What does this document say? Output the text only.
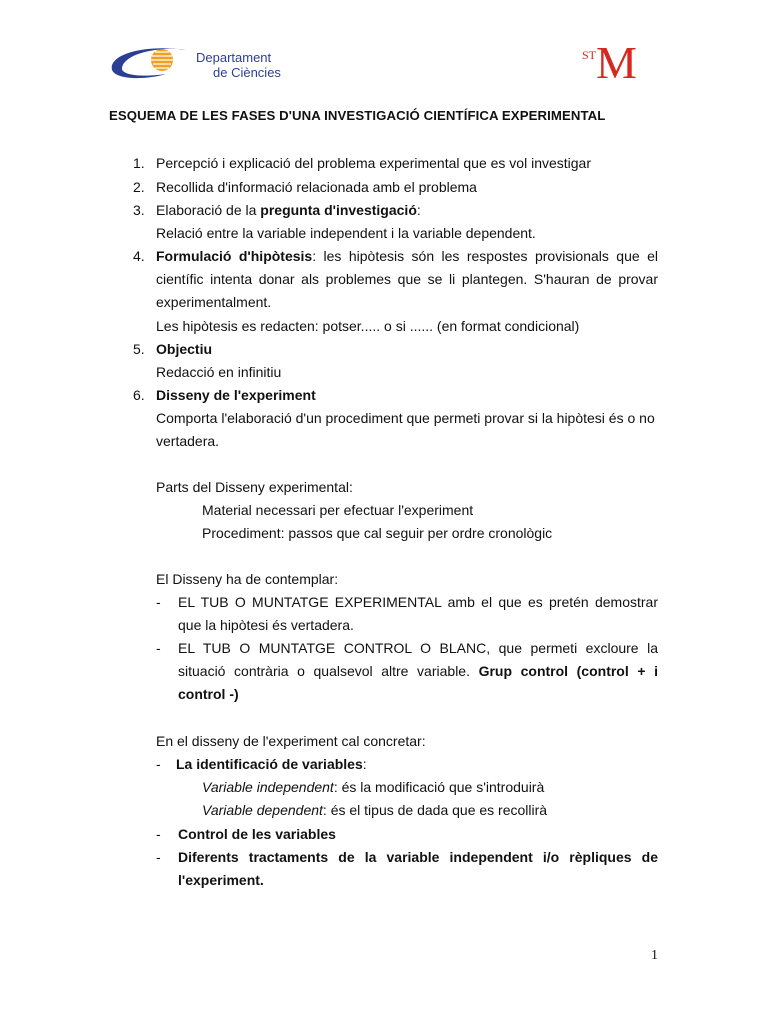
Departament
de Ciències
ST M
ESQUEMA DE LES FASES D'UNA INVESTIGACIÓ CIENTÍFICA EXPERIMENTAL
1. Percepció i explicació del problema experimental que es vol investigar
2. Recollida d'informació relacionada amb el problema
3. Elaboració de la pregunta d'investigació:
Relació entre la variable independent i la variable dependent.
4. Formulació d'hipòtesis: les hipòtesis són les respostes provisionals que el
científic intenta donar als problemes que se li plantegen. S'hauran de provar
experimentalment.
Les hipòtesis es redacten: potser..... o si ...... (en format condicional)
5. Objectiu
Redacció en infinitiu
6. Disseny de l'experiment
Comporta l'elaboració d'un procediment que permeti provar si la hipòtesi és o no
vertadera.
Parts del Disseny experimental:
Material necessari per efectuar l'experiment
Procediment: passos que cal seguir per ordre cronològic
El Disseny ha de contemplar:
- EL TUB O MUNTATGE EXPERIMENTAL amb el que es pretén demostrar
que la hipòtesi és vertadera.
- EL TUB O MUNTATGE CONTROL O BLANC, que permeti excloure la
situació contrària o qualsevol altre variable. Grup control (control + i
control -)
En el disseny de l'experiment cal concretar:
- La identificació de variables:
Variable independent: és la modificació que s'introduirà
Variable dependent: és el tipus de dada que es recollirà
- Control de les variables
- Diferents tractaments de la variable independent i/o rèpliques de
l'experiment.
1
